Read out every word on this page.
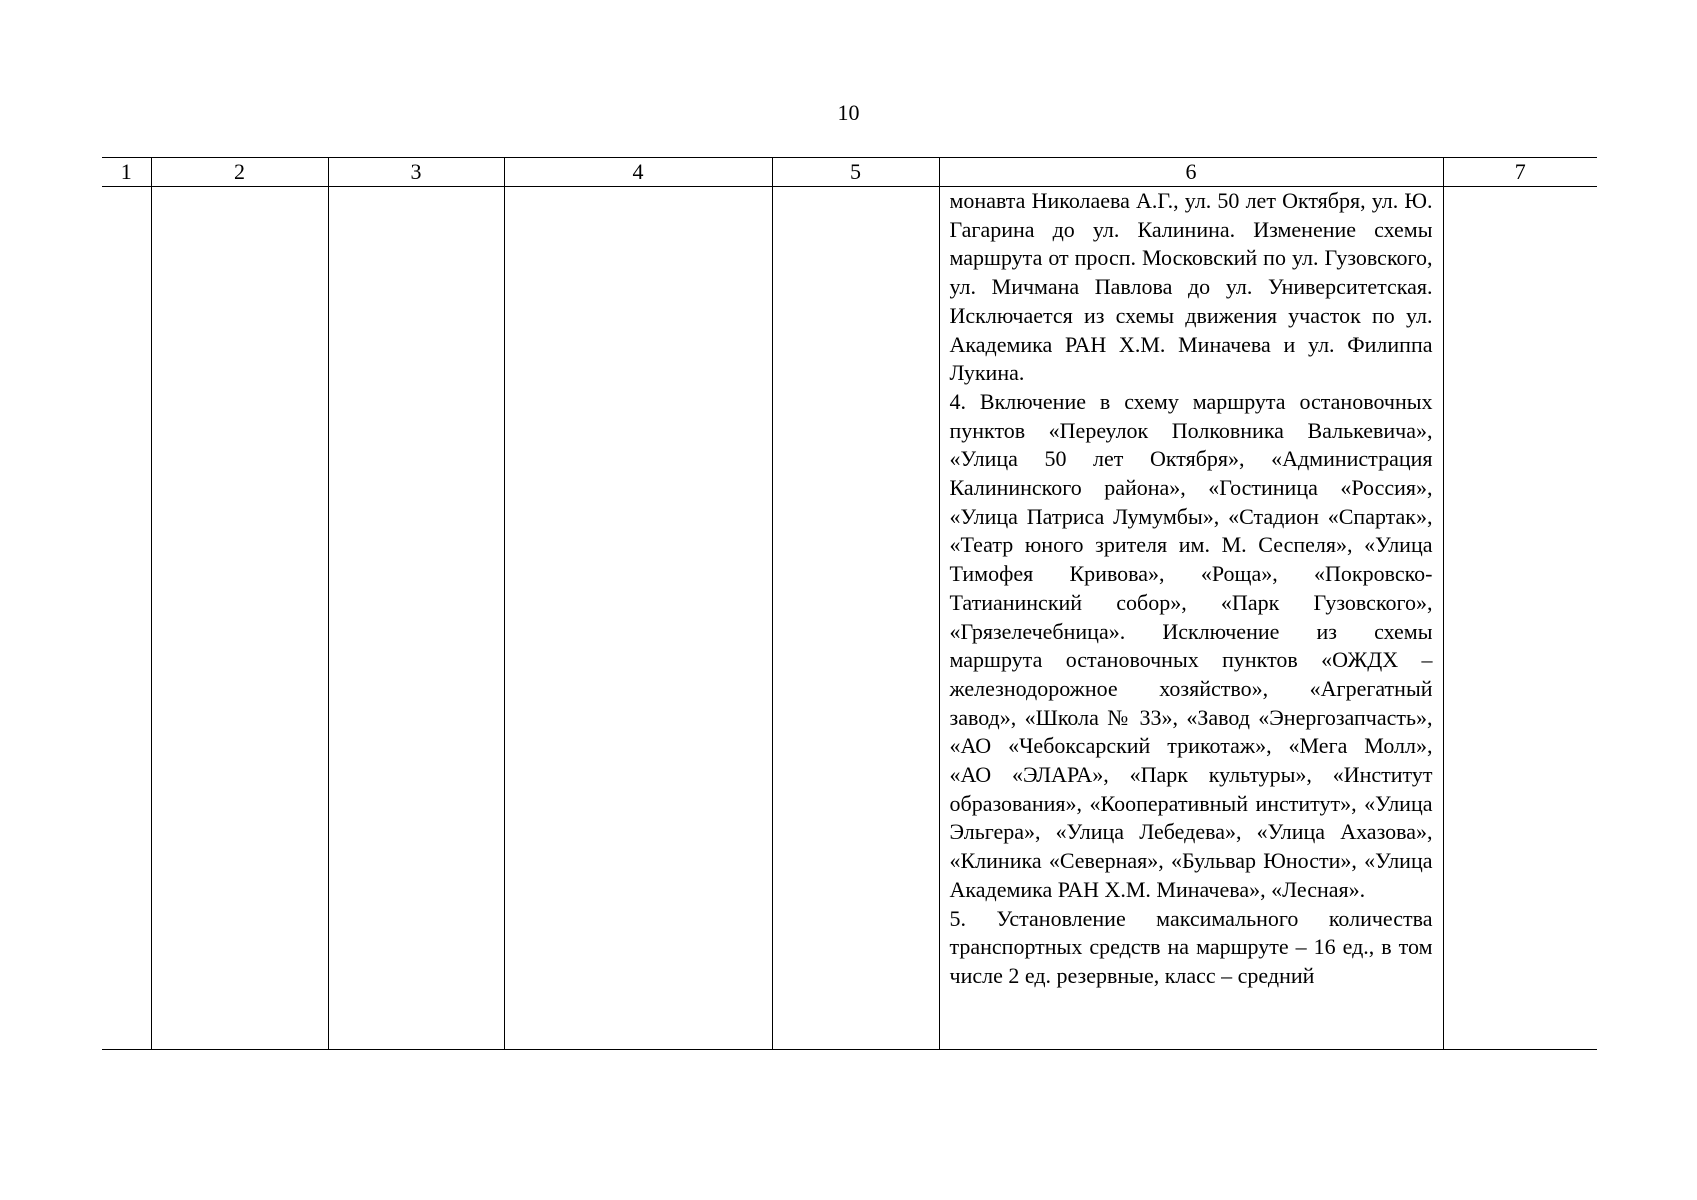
10
1	2	3	4	5	6	7

					монавта Николаева А.Г., ул. 50 лет Октября, ул. Ю. Гагарина до ул. Калинина. Изменение схемы маршрута от просп. Московский по ул. Гузовского, ул. Мичмана Павлова до ул. Университетская. Исключается из схемы движения участок по ул. Академика РАН Х.М. Миначева и ул. Филиппа Лукина.

4. Включение в схему маршрута остановочных пунктов «Переулок Полковника Валькевича», «Улица 50 лет Октября», «Администрация Калининского района», «Гостиница «Россия», «Улица Патриса Лумумбы», «Стадион «Спартак», «Театр юного зрителя им. М. Сеспеля», «Улица Тимофея Кривова», «Роща», «Покровско-Татианинский собор», «Парк Гузовского», «Грязелечебница». Исключение из схемы маршрута остановочных пунктов «ОЖДХ – железнодорожное хозяйство», «Агрегатный завод», «Школа № 33», «Завод «Энергозапчасть», «АО «Чебоксарский трикотаж», «Мега Молл», «АО «ЭЛАРА», «Парк культуры», «Институт образования», «Кооперативный институт», «Улица Эльгера», «Улица Лебедева», «Улица Ахазова», «Клиника «Северная», «Бульвар Юности», «Улица Академика РАН Х.М. Миначева», «Лесная».

5. Установление максимального количества транспортных средств на маршруте – 16 ед., в том числе 2 ед. резервные, класс – средний	
